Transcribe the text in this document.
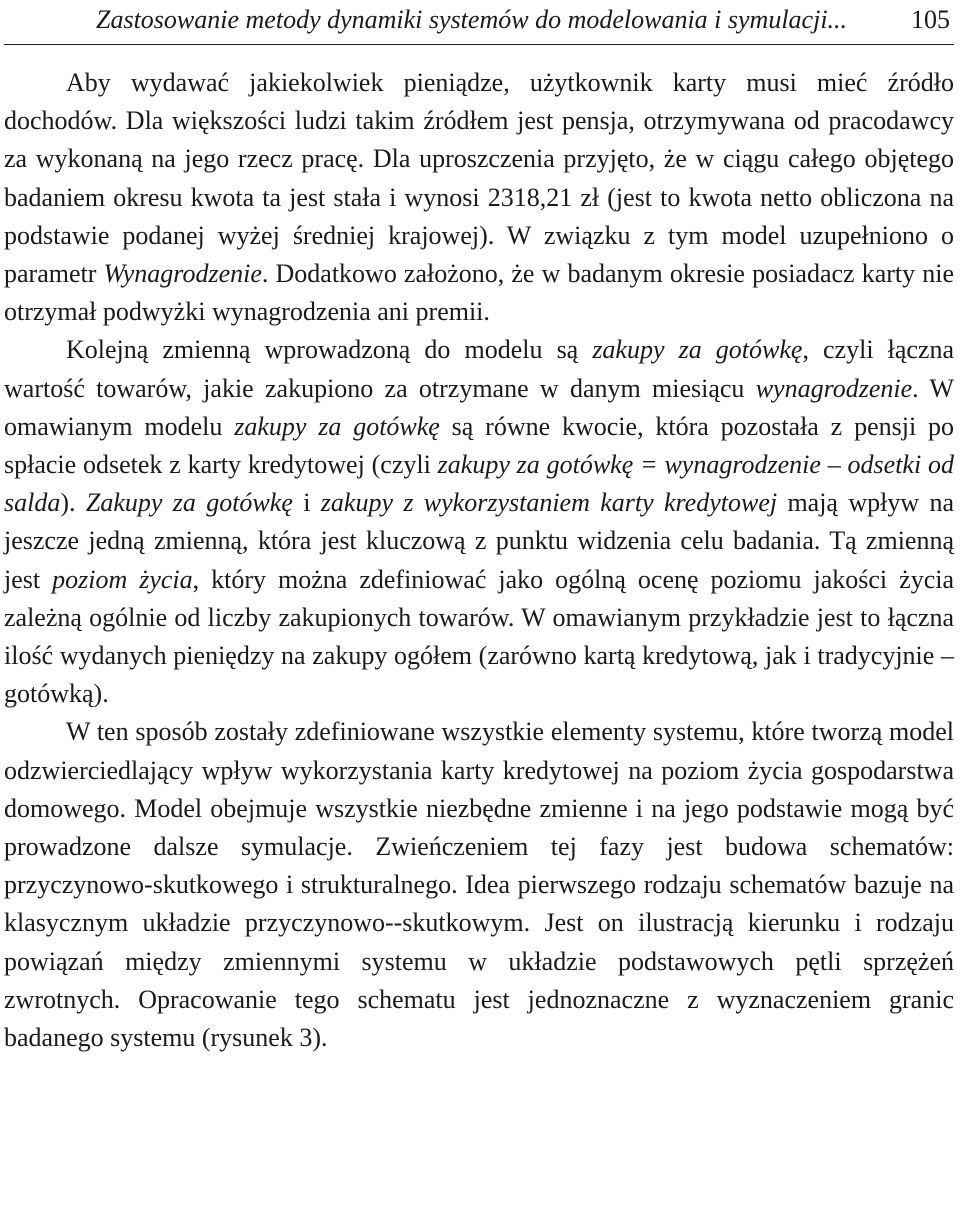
Zastosowanie metody dynamiki systemów do modelowania i symulacji... 105

Aby wydawać jakiekolwiek pieniądze, użytkownik karty musi mieć źródło dochodów. Dla większości ludzi takim źródłem jest pensja, otrzymywana od pracodawcy za wykonaną na jego rzecz pracę. Dla uproszczenia przyjęto, że w ciągu całego objętego badaniem okresu kwota ta jest stała i wynosi 2318,21 zł (jest to kwota netto obliczona na podstawie podanej wyżej średniej krajowej). W związku z tym model uzupełniono o parametr Wynagrodzenie. Dodatkowo założono, że w badanym okresie posiadacz karty nie otrzymał podwyżki wynagrodzenia ani premii.

Kolejną zmienną wprowadzoną do modelu są zakupy za gotówkę, czyli łączna wartość towarów, jakie zakupiono za otrzymane w danym miesiącu wynagrodzenie. W omawianym modelu zakupy za gotówkę są równe kwocie, która pozostała z pensji po spłacie odsetek z karty kredytowej (czyli zakupy za gotówkę = wynagrodzenie – odsetki od salda). Zakupy za gotówkę i zakupy z wykorzystaniem karty kredytowej mają wpływ na jeszcze jedną zmienną, która jest kluczową z punktu widzenia celu badania. Tą zmienną jest poziom życia, który można zdefiniować jako ogólną ocenę poziomu jakości życia zależną ogólnie od liczby zakupionych towarów. W omawianym przykładzie jest to łączna ilość wydanych pieniędzy na zakupy ogółem (zarówno kartą kredytową, jak i tradycyjnie – gotówką).

W ten sposób zostały zdefiniowane wszystkie elementy systemu, które tworzą model odzwierciedlający wpływ wykorzystania karty kredytowej na poziom życia gospodarstwa domowego. Model obejmuje wszystkie niezbędne zmienne i na jego podstawie mogą być prowadzone dalsze symulacje. Zwieńczeniem tej fazy jest budowa schematów: przyczynowo-skutkowego i strukturalnego. Idea pierwszego rodzaju schematów bazuje na klasycznym układzie przyczynowo-​-skutkowym. Jest on ilustracją kierunku i rodzaju powiązań między zmiennymi systemu w układzie podstawowych pętli sprzężeń zwrotnych. Opracowanie tego schematu jest jednoznaczne z wyznaczeniem granic badanego systemu (rysunek 3).
